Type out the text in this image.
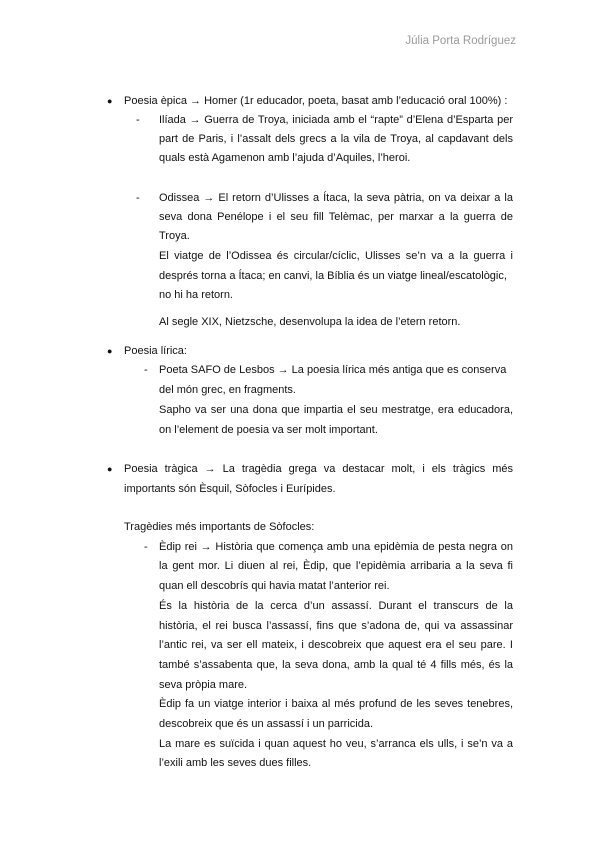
Júlia Porta Rodríguez
● Poesia èpica → Homer (1r educador, poeta, basat amb l’educació oral 100%) :
- Ilíada → Guerra de Troya, iniciada amb el “rapte” d’Elena d’Esparta per
part de Paris, i l’assalt dels grecs a la vila de Troya, al capdavant dels
quals està Agamenon amb l’ajuda d’Aquiles, l’heroi.
- Odissea → El retorn d’Ulisses a Ítaca, la seva pàtria, on va deixar a la
seva dona Penélope i el seu fill Telèmac, per marxar a la guerra de
Troya.
El viatge de l’Odissea és circular/cíclic, Ulisses se’n va a la guerra i
després torna a Ítaca; en canvi, la Bíblia és un viatge lineal/escatològic,
no hi ha retorn.
Al segle XIX, Nietzsche, desenvolupa la idea de l’etern retorn.
● Poesia lírica:
- Poeta SAFO de Lesbos → La poesia lírica més antiga que es conserva
del món grec, en fragments.
Sapho va ser una dona que impartia el seu mestratge, era educadora,
on l’element de poesia va ser molt important.
● Poesia tràgica → La tragèdia grega va destacar molt, i els tràgics més
importants són Èsquil, Sòfocles i Eurípides.
Tragèdies més importants de Sòfocles:
- Èdip rei → Història que comença amb una epidèmia de pesta negra on
la gent mor. Li diuen al rei, Èdip, que l’epidèmia arribaria a la seva fi
quan ell descobrís qui havia matat l’anterior rei.
És la història de la cerca d’un assassí. Durant el transcurs de la
història, el rei busca l’assassí, fins que s’adona de, qui va assassinar
l’antic rei, va ser ell mateix, i descobreix que aquest era el seu pare. I
també s’assabenta que, la seva dona, amb la qual té 4 fills més, és la
seva pròpia mare.
Èdip fa un viatge interior i baixa al més profund de les seves tenebres,
descobreix que és un assassí i un parricida.
La mare es suïcida i quan aquest ho veu, s’arranca els ulls, i se’n va a
l’exili amb les seves dues filles.
